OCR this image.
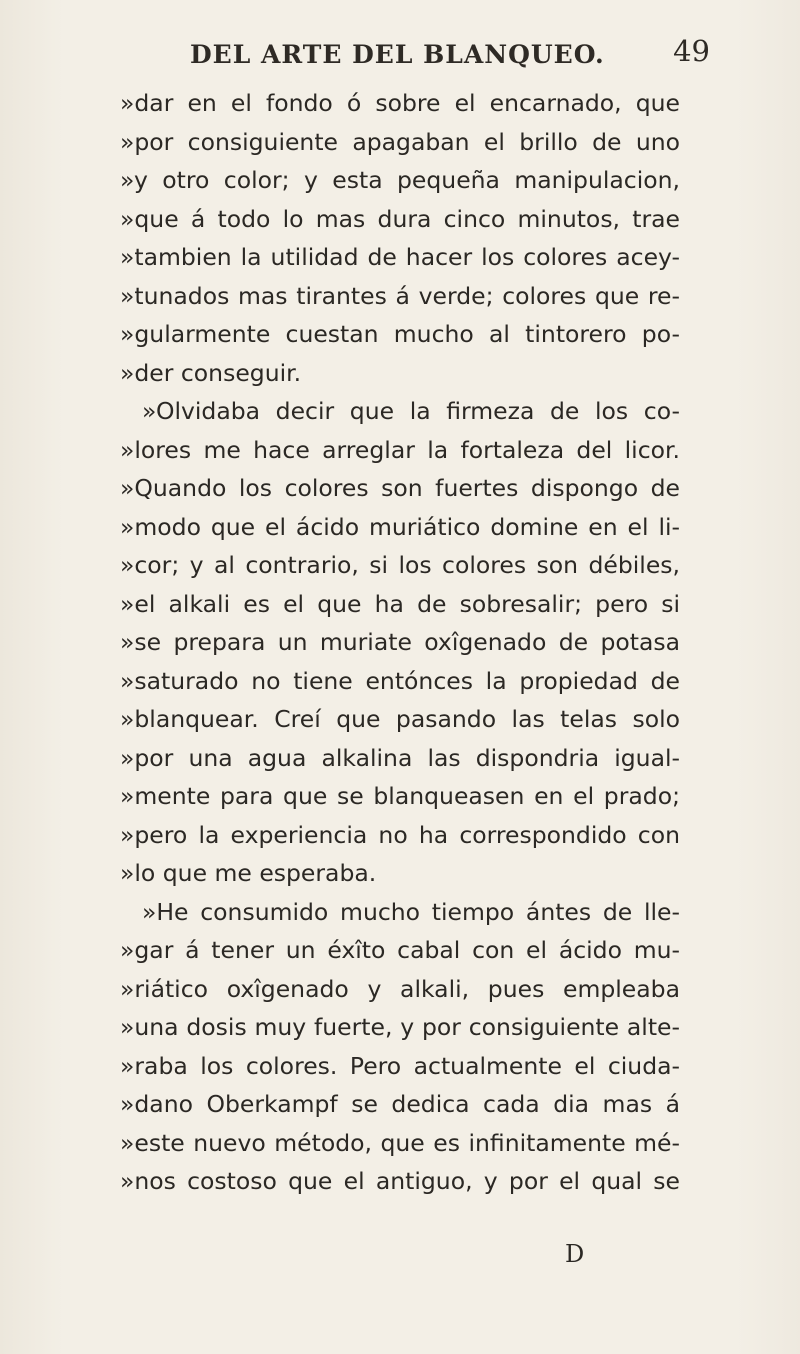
DEL ARTE DEL BLANQUEO. 49
»dar en el fondo ó sobre el encarnado, que
»por consiguiente apagaban el brillo de uno
»y otro color; y esta pequeña manipulacion,
»que á todo lo mas dura cinco minutos, trae
»tambien la utilidad de hacer los colores acey-
»tunados mas tirantes á verde; colores que re-
»gularmente cuestan mucho al tintorero po-
»der conseguir.
»Olvidaba decir que la firmeza de los co-
»lores me hace arreglar la fortaleza del licor.
»Quando los colores son fuertes dispongo de
»modo que el ácido muriático domine en el li-
»cor; y al contrario, si los colores son débiles,
»el alkali es el que ha de sobresalir; pero si
»se prepara un muriate oxîgenado de potasa
»saturado no tiene entónces la propiedad de
»blanquear. Creí que pasando las telas solo
»por una agua alkalina las dispondria igual-
»mente para que se blanqueasen en el prado;
»pero la experiencia no ha correspondido con
»lo que me esperaba.
»He consumido mucho tiempo ántes de lle-
»gar á tener un éxîto cabal con el ácido mu-
»riático oxîgenado y alkali, pues empleaba
»una dosis muy fuerte, y por consiguiente alte-
»raba los colores. Pero actualmente el ciuda-
»dano Oberkampf se dedica cada dia mas á
»este nuevo método, que es infinitamente mé-
»nos costoso que el antiguo, y por el qual se
D
